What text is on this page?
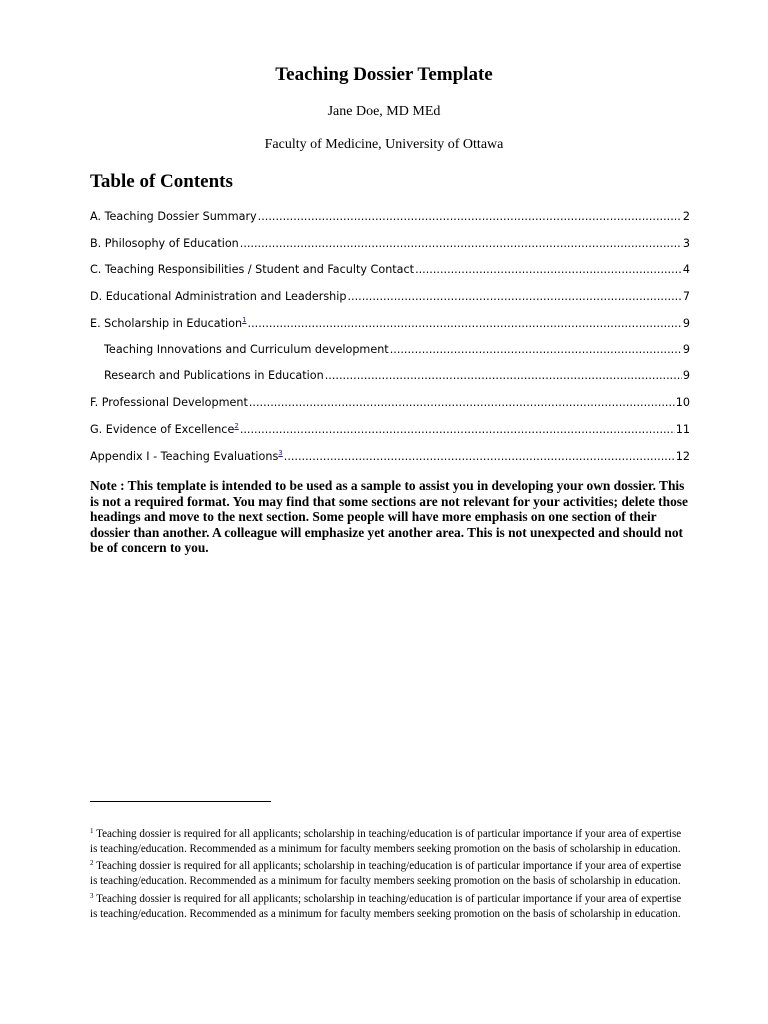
Teaching Dossier Template
Jane Doe, MD MEd
Faculty of Medicine, University of Ottawa
Table of Contents
A. Teaching Dossier Summary .....	2
B. Philosophy of Education .....	3
C. Teaching Responsibilities / Student and Faculty Contact .....	4
D. Educational Administration and Leadership .....	7
E. Scholarship in Education$^1$ .....	9
Teaching Innovations and Curriculum development .....	9
Research and Publications in Education .....	9
F. Professional Development .....	10
G. Evidence of Excellence$^2$ .....	11
Appendix I - Teaching Evaluations$^3$ .....	12
Note : This template is intended to be used as a sample to assist you in developing your own dossier. This is not a required format. You may find that some sections are not relevant for your activities; delete those headings and move to the next section. Some people will have more emphasis on one section of their dossier than another. A colleague will emphasize yet another area. This is not unexpected and should not be of concern to you.

$^1$ Teaching dossier is required for all applicants; scholarship in teaching/education is of particular importance if your area of expertise is teaching/education. Recommended as a minimum for faculty members seeking promotion on the basis of scholarship in education.

$^2$ Teaching dossier is required for all applicants; scholarship in teaching/education is of particular importance if your area of expertise is teaching/education. Recommended as a minimum for faculty members seeking promotion on the basis of scholarship in education.

$^3$ Teaching dossier is required for all applicants; scholarship in teaching/education is of particular importance if your area of expertise is teaching/education. Recommended as a minimum for faculty members seeking promotion on the basis of scholarship in education.
